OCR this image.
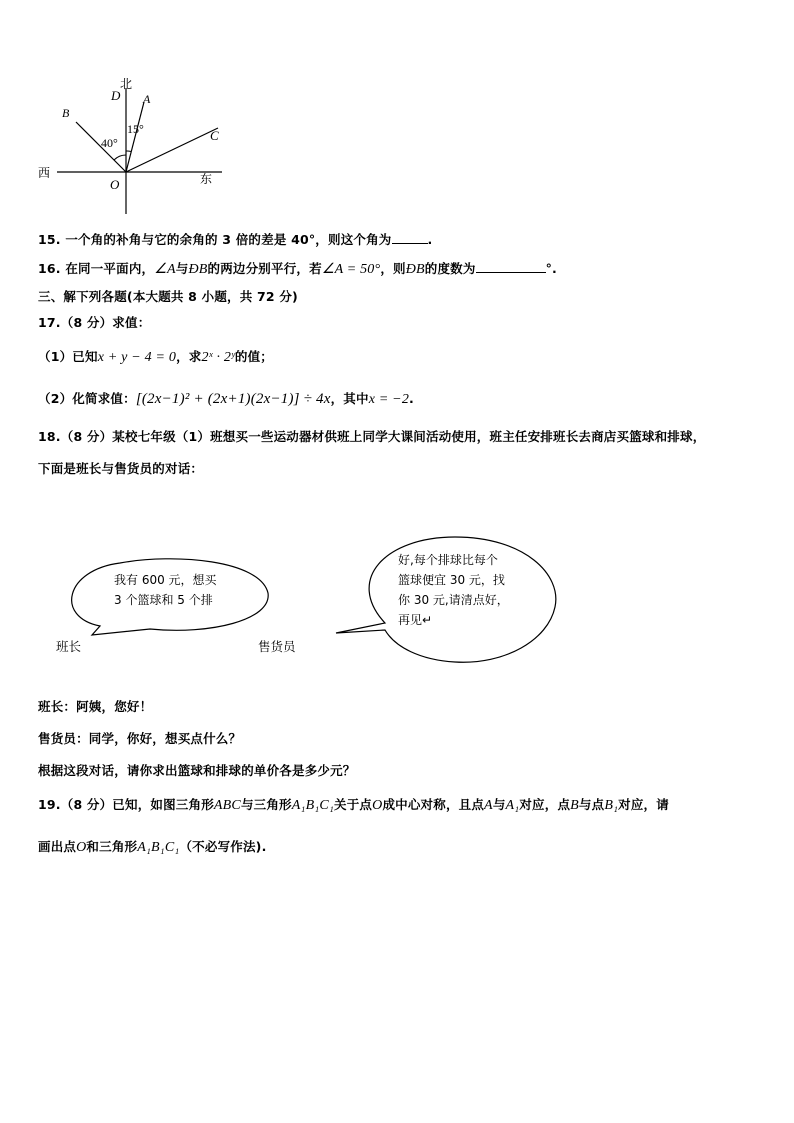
北
D A
B
15°	C
40°
西	东
O
15. 一个角的补角与它的余角的 3 倍的差是 40°，则这个角为	.
16. 在同一平面内，∠A与ÐB的两边分别平行，若∠A = 50°，则ÐB的度数为	°.
三、解下列各题(本大题共 8 小题，共 72 分)
17.（8 分）求值：
（1）已知x + y − 4 = 0，求2ˣ · 2ʸ的值；
（2）化简求值：[(2x−1)² + (2x+1)(2x−1)] ÷ 4x，其中x = −2.
18.（8 分）某校七年级（1）班想买一些运动器材供班上同学大课间活动使用，班主任安排班长去商店买篮球和排球，
下面是班长与售货员的对话：
我有 600 元，想买
3 个篮球和 5 个排
好,每个排球比每个
篮球便宜 30 元，找
你 30 元,请清点好，
再见↵
班长	售货员
班长：阿姨，您好！
售货员：同学，你好，想买点什么？
根据这段对话，请你求出篮球和排球的单价各是多少元？
19.（8 分）已知，如图三角形ABC与三角形A₁B₁C₁关于点O成中心对称，且点A与A₁对应，点B与点B₁对应，请
画出点O和三角形A₁B₁C₁（不必写作法).
